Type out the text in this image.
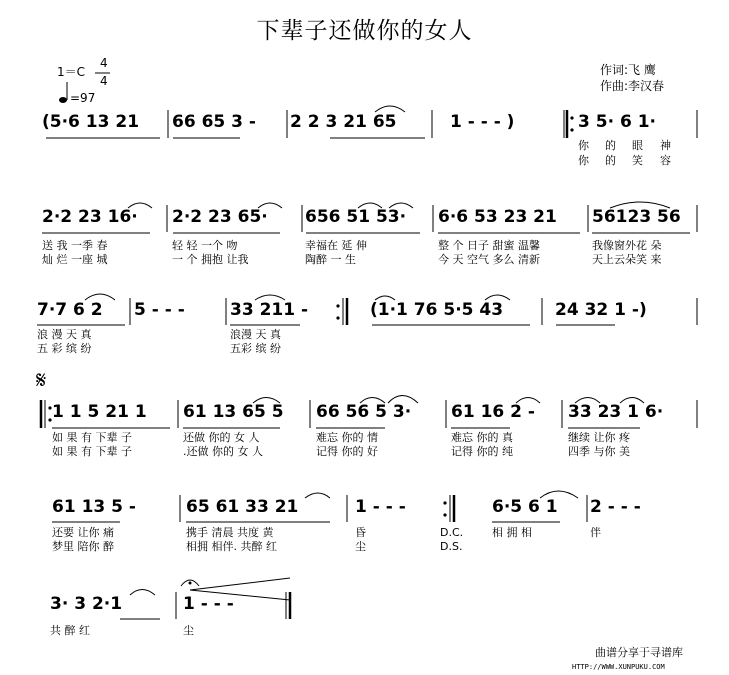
下辈子还做你的女人
1＝C
4
4
=97
作词:飞 鹰
作曲:李汉春
𝄋
(5·6 13 21 66 65 3 - 2 2 3 21 65	1 - - - )	3 5· 6 1·
你 的 眼 神
你 的 笑 容
2·2 23 16· 2·2 23 65· 656 51 53· 6·6 53 23 21 56123 56
送 我 一季 春	轻 轻 一个 吻	幸福在 延 伸	整 个 日子 甜蜜 温馨	我像窗外花 朵
灿 烂 一座 城	一 个 拥抱 让我	陶醉 一 生	今 天 空气 多么 清新	天上云朵笑 来
7·7 6 2 5 - - -	33 211 -	(1·1 76 5·5 43	24 32 1 -)
浪 漫 天 真	浪漫 天 真
五 彩 缤 纷	五彩 缤 纷
1 1 5 21 1 61 13 65 5 66 56 5 3· 61 16 2 - 33 23 1 6·
如 果 有 下辈 子	还做 你的 女 人	难忘 你的 情	难忘 你的 真	继续 让你 疼
如 果 有 下辈 子	.还做 你的 女 人	记得 你的 好	记得 你的 纯	四季 与你 美
61 13 5 -	65 61 33 21	1 - - -	6·5 6 1 2 - - -
还要 让你 痛	携手 清晨 共度 黄	昏	D.C.	相 拥 相	伴
梦里 陪你 醉	相拥 相伴. 共醉 红	尘	D.S.
3· 3 2·1	1 - - -
共 醉 红	尘
曲谱分享于寻谱库
HTTP://WWW.XUNPUKU.COM
